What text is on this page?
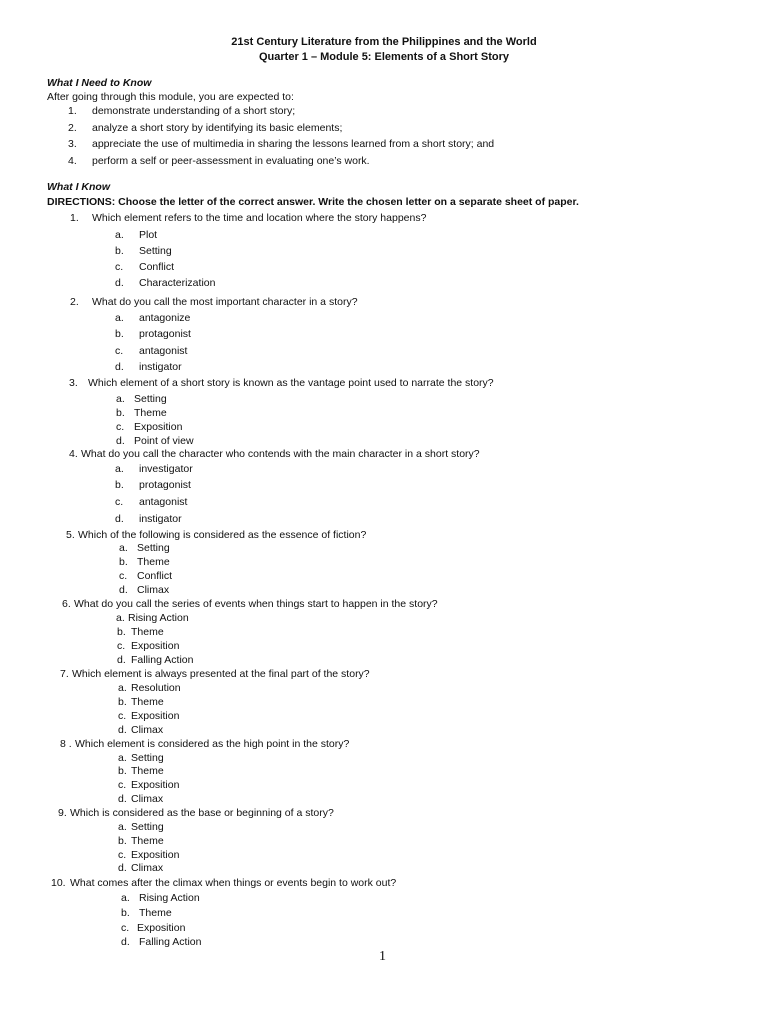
21st Century Literature from the Philippines and the World
Quarter 1 – Module 5: Elements of a Short Story
What I Need to Know
After going through this module, you are expected to:
1. demonstrate understanding of a short story;
2. analyze a short story by identifying its basic elements;
3. appreciate the use of multimedia in sharing the lessons learned from a short story; and
4. perform a self or peer-assessment in evaluating one’s work.
What I Know
DIRECTIONS: Choose the letter of the correct answer. Write the chosen letter on a separate sheet of paper.
1. Which element refers to the time and location where the story happens?
a. Plot
b. Setting
c. Conflict
d. Characterization
2. What do you call the most important character in a story?
a. antagonize
b. protagonist
c. antagonist
d. instigator
3. Which element of a short story is known as the vantage point used to narrate the story?
a. Setting
b. Theme
c. Exposition
d. Point of view
4. What do you call the character who contends with the main character in a short story?
a. investigator
b. protagonist
c. antagonist
d. instigator
5. Which of the following is considered as the essence of fiction?
a. Setting
b. Theme
c. Conflict
d. Climax
6. What do you call the series of events when things start to happen in the story?
a. Rising Action
b. Theme
c. Exposition
d. Falling Action
7. Which element is always presented at the final part of the story?
a. Resolution
b. Theme
c. Exposition
d. Climax
8 . Which element is considered as the high point in the story?
a. Setting
b. Theme
c. Exposition
d. Climax
9. Which is considered as the base or beginning of a story?
a. Setting
b. Theme
c. Exposition
d. Climax
10. What comes after the climax when things or events begin to work out?
a. Rising Action
b. Theme
c. Exposition
d. Falling Action
1
